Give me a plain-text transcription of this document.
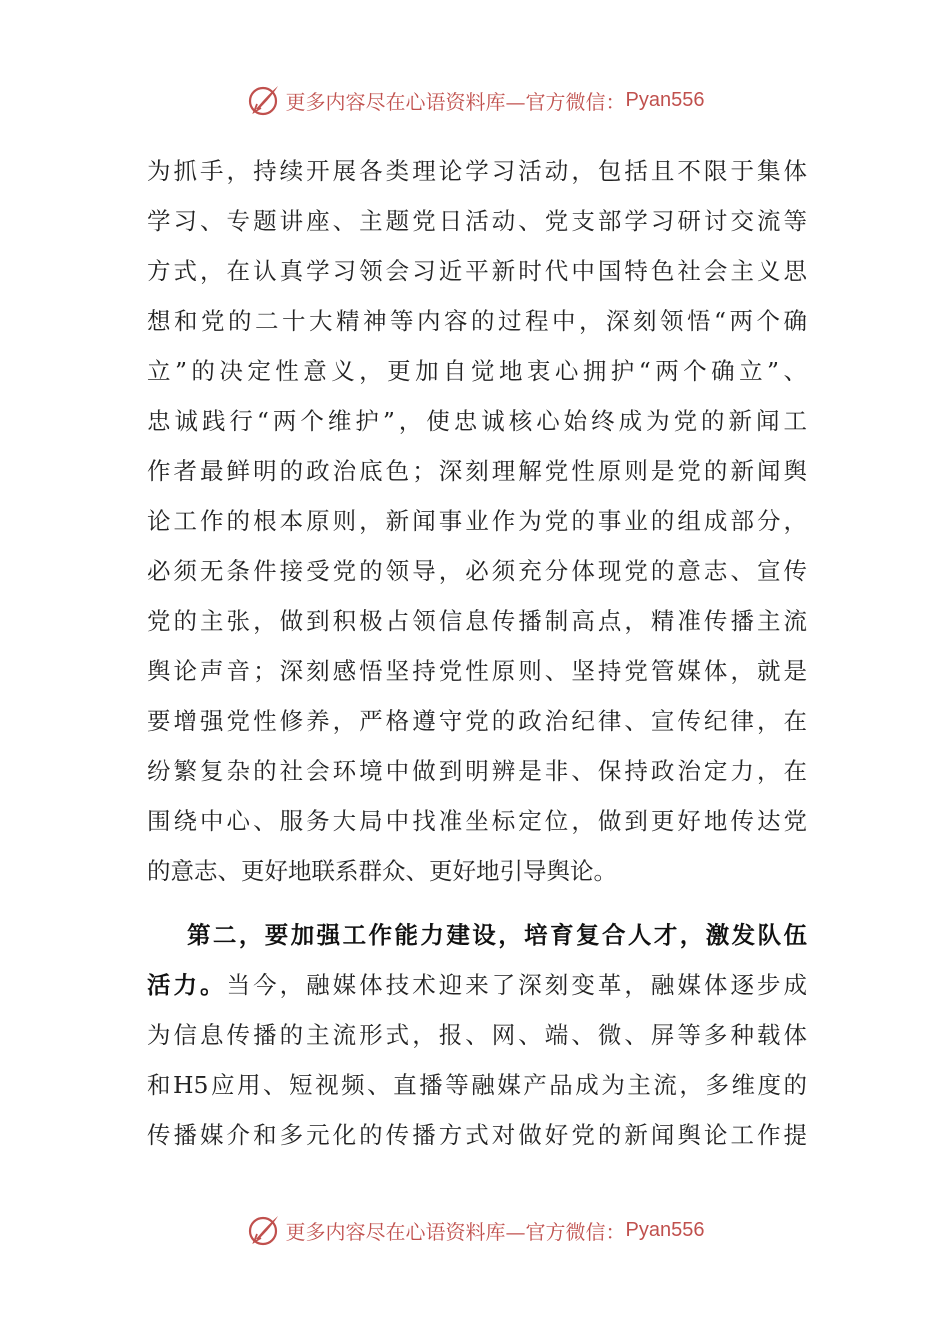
更多内容尽在心语资料库—官方微信： Pyan556
为抓手，持续开展各类理论学习活动，包括且不限于集体
学习、专题讲座、主题党日活动、党支部学习研讨交流等
方式，在认真学习领会习近平新时代中国特色社会主义思
想和党的二十大精神等内容的过程中，深刻领悟“两个确
立”的决定性意义，更加自觉地衷心拥护“两个确立”、
忠诚践行“两个维护”，使忠诚核心始终成为党的新闻工
作者最鲜明的政治底色；深刻理解党性原则是党的新闻舆
论工作的根本原则，新闻事业作为党的事业的组成部分，
必须无条件接受党的领导，必须充分体现党的意志、宣传
党的主张，做到积极占领信息传播制高点，精准传播主流
舆论声音；深刻感悟坚持党性原则、坚持党管媒体，就是
要增强党性修养，严格遵守党的政治纪律、宣传纪律，在
纷繁复杂的社会环境中做到明辨是非、保持政治定力，在
围绕中心、服务大局中找准坐标定位，做到更好地传达党
的意志、更好地联系群众、更好地引导舆论。
第二，要加强工作能力建设，培育复合人才，激发队伍
活力。当今，融媒体技术迎来了深刻变革，融媒体逐步成
为信息传播的主流形式，报、网、端、微、屏等多种载体
和H5应用、短视频、直播等融媒产品成为主流，多维度的
传播媒介和多元化的传播方式对做好党的新闻舆论工作提
更多内容尽在心语资料库—官方微信： Pyan556
